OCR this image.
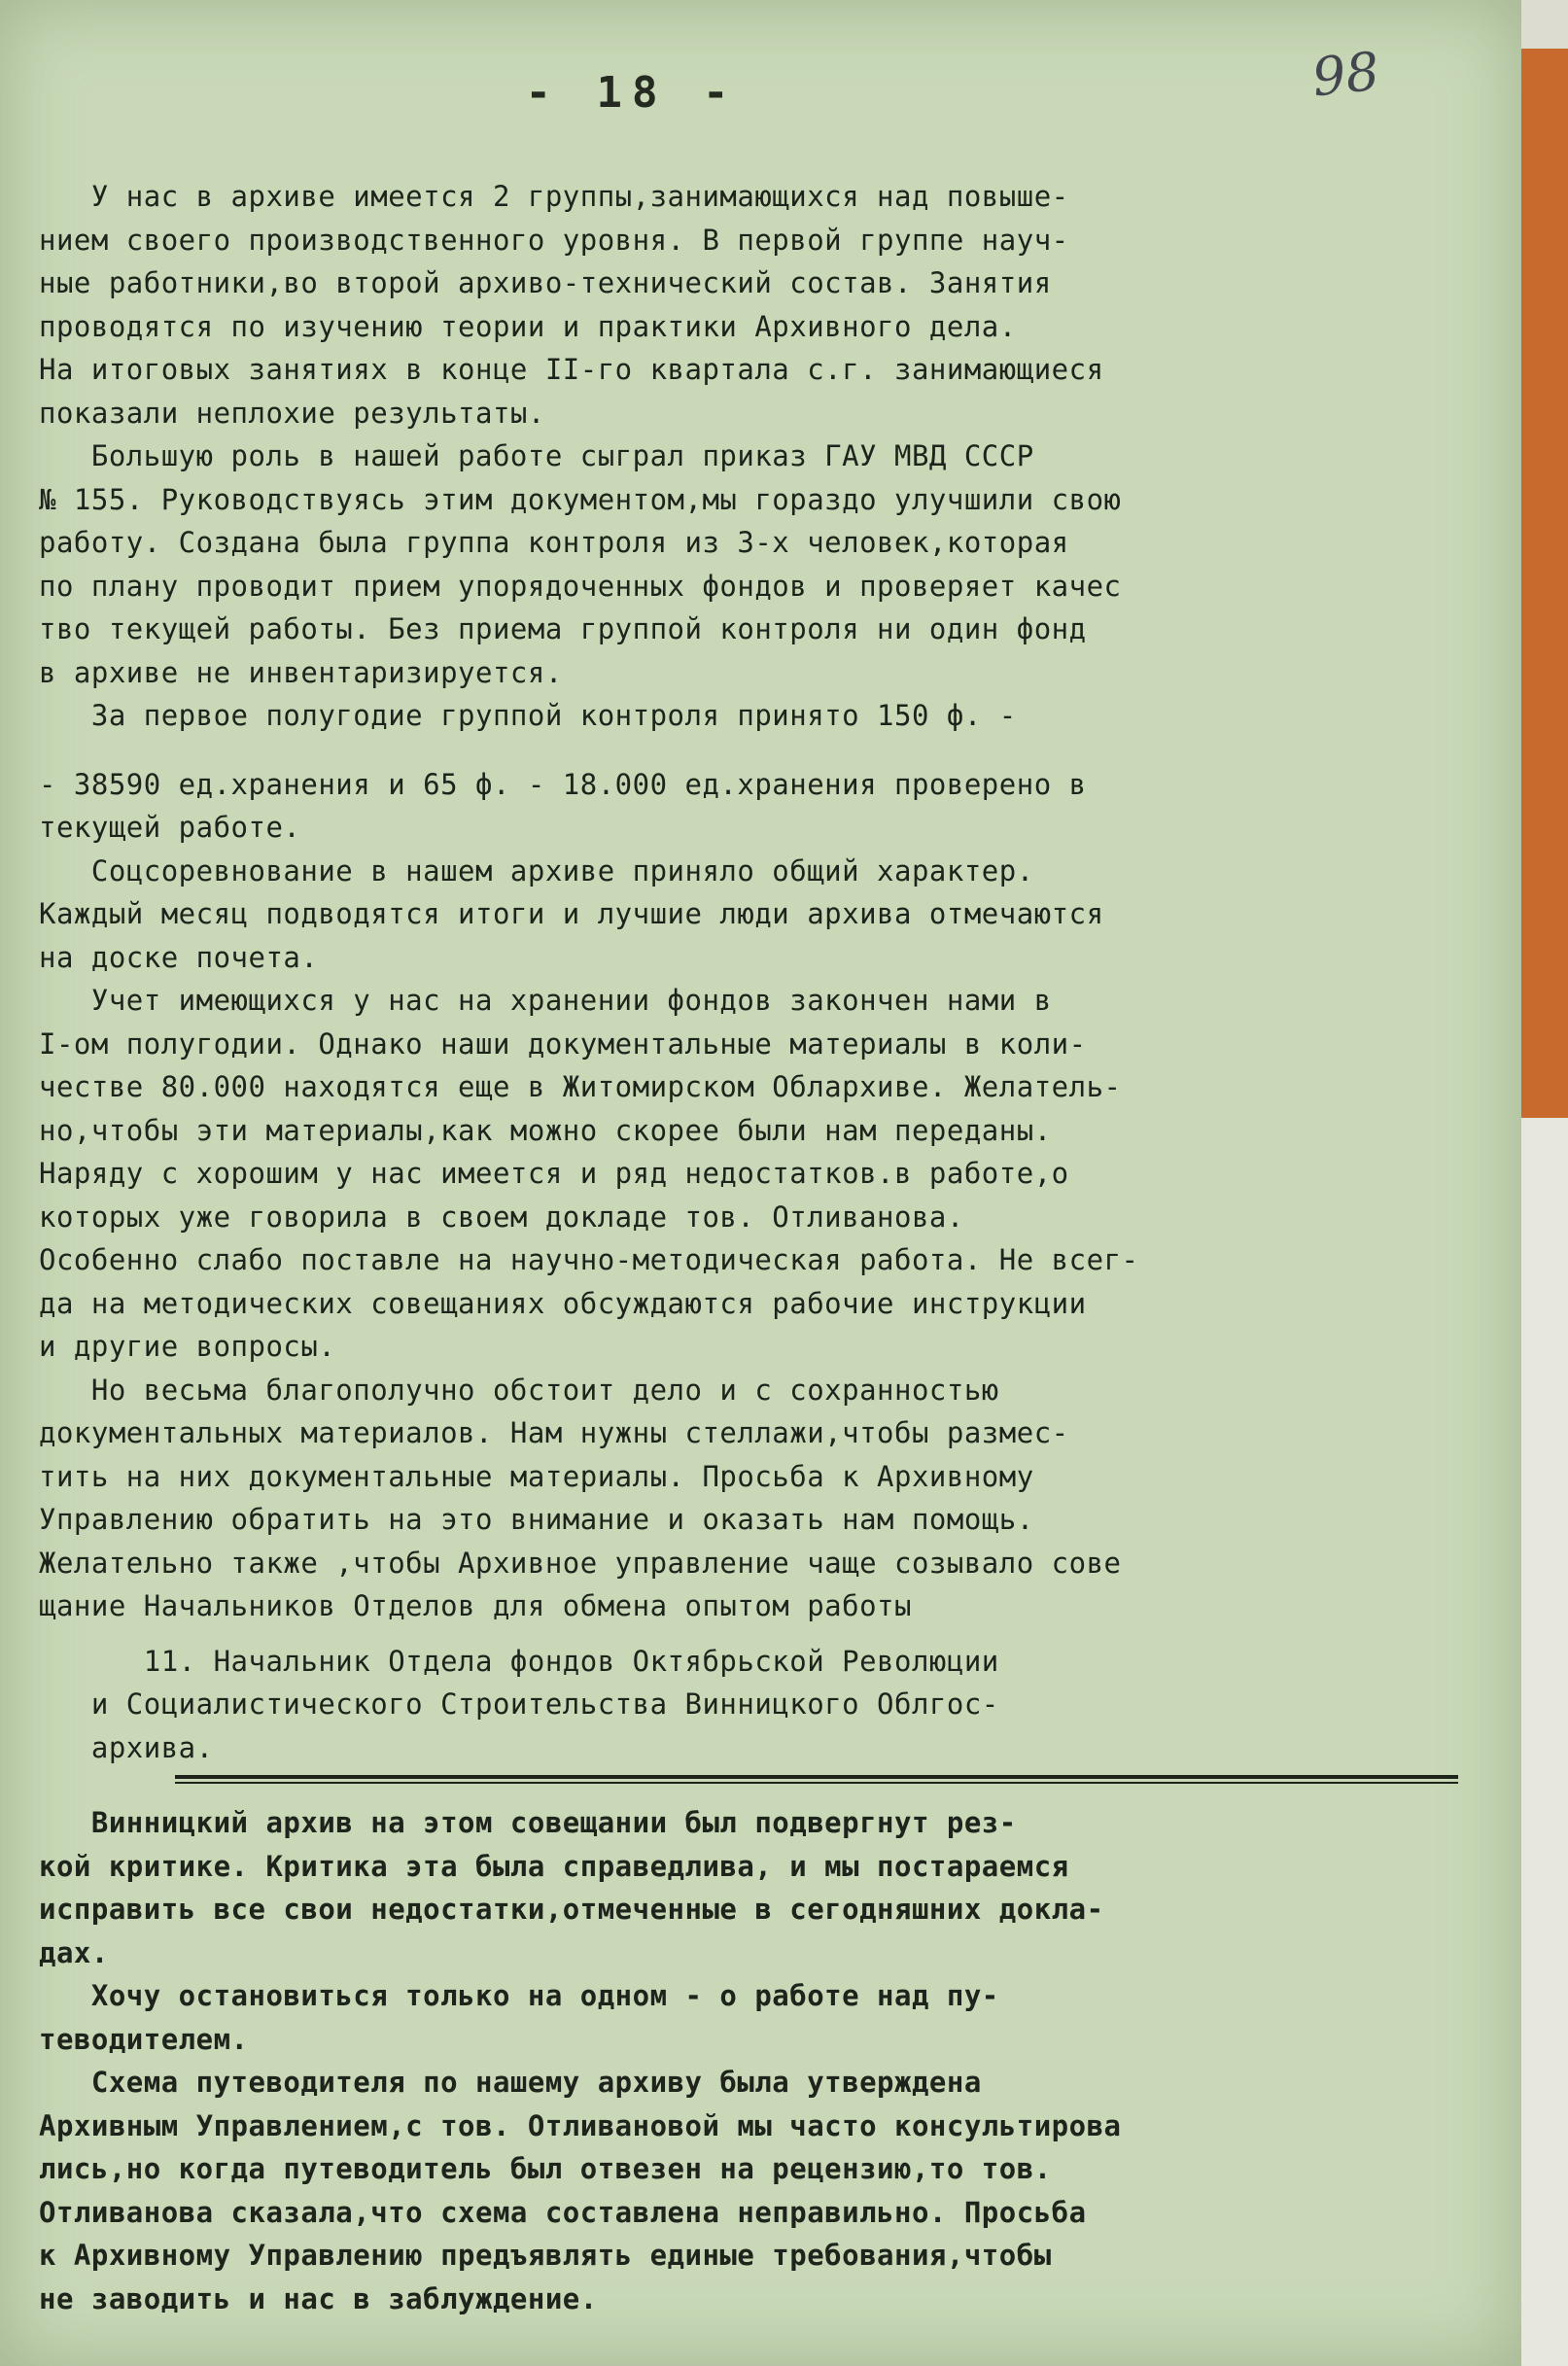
- 18 -	98
У нас в архиве имеется 2 группы,занимающихся над повыше-
нием своего производственного уровня. В первой группе науч-
ные работники,во второй архиво-технический состав. Занятия
проводятся по изучению теории и практики Архивного дела.
На итоговых занятиях в конце II-го квартала с.г. занимающиеся
показали неплохие результаты.
Большую роль в нашей работе сыграл приказ ГАУ МВД СССР
№ 155. Руководствуясь этим документом,мы гораздо улучшили свою
работу. Создана была группа контроля из 3-х человек,которая
по плану проводит прием упорядоченных фондов и проверяет качес
тво текущей работы. Без приема группой контроля ни один фонд
в архиве не инвентаризируется.
За первое полугодие группой контроля принято 150 ф. -
- 38590 ед.хранения и 65 ф. - 18.000 ед.хранения проверено в
текущей работе.
Соцсоревнование в нашем архиве приняло общий характер.
Каждый месяц подводятся итоги и лучшие люди архива отмечаются
на доске почета.
Учет имеющихся у нас на хранении фондов закончен нами в
I-ом полугодии. Однако наши документальные материалы в коли-
честве 80.000 находятся еще в Житомирском Облархиве. Желатель-
но,чтобы эти материалы,как можно скорее были нам переданы.
Наряду с хорошим у нас имеется и ряд недостатков.в работе,о
которых уже говорила в своем докладе тов. Отливанова.
Особенно слабо поставле на научно-методическая работа. Не всег-
да на методических совещаниях обсуждаются рабочие инструкции
и другие вопросы.
Но весьма благополучно обстоит дело и с сохранностью
документальных материалов. Нам нужны стеллажи,чтобы размес-
тить на них документальные материалы. Просьба к Архивному
Управлению обратить на это внимание и оказать нам помощь.
Желательно также ,чтобы Архивное управление чаще созывало сове
щание Начальников Отделов для обмена опытом работы
11. Начальник Отдела фондов Октябрьской Революции
и Социалистического Строительства Винницкого Облгос-
архива.
Винницкий архив на этом совещании был подвергнут рез-
кой критике. Критика эта была справедлива, и мы постараемся
исправить все свои недостатки,отмеченные в сегодняшних докла-
дах.
Хочу остановиться только на одном - о работе над пу-
теводителем.
Схема путеводителя по нашему архиву была утверждена
Архивным Управлением,с тов. Отливановой мы часто консультирова
лись,но когда путеводитель был отвезен на рецензию,то тов.
Отливанова сказала,что схема составлена неправильно. Просьба
к Архивному Управлению предъявлять единые требования,чтобы
не заводить и нас в заблуждение.
